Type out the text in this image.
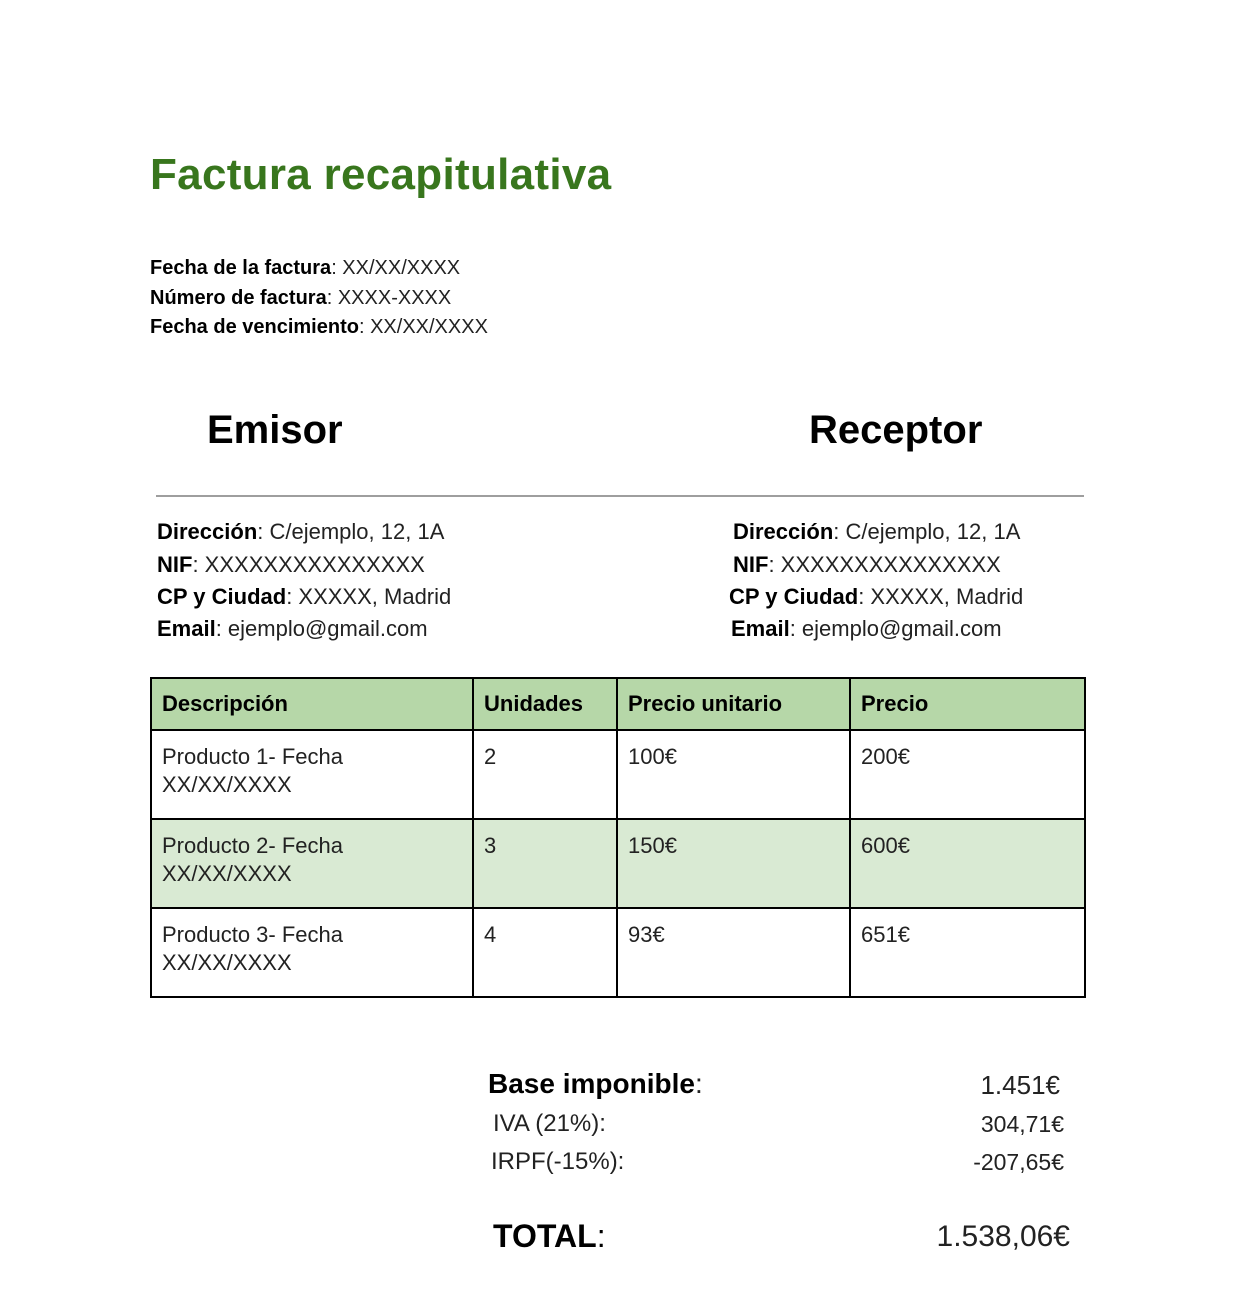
Factura recapitulativa
Fecha de la factura: XX/XX/XXXX
Número de factura: XXXX-XXXX
Fecha de vencimiento: XX/XX/XXXX
Emisor	Receptor
Dirección: C/ejemplo, 12, 1A
NIF: XXXXXXXXXXXXXXX
CP y Ciudad: XXXXX, Madrid
Email: ejemplo@gmail.com
Dirección: C/ejemplo, 12, 1A
NIF: XXXXXXXXXXXXXXX
CP y Ciudad: XXXXX, Madrid
Email: ejemplo@gmail.com
Descripción	Unidades	Precio unitario	Precio

Producto 1- Fecha
XX/XX/XXXX	2	100€	200€

Producto 2- Fecha
XX/XX/XXXX	3	150€	600€

Producto 3- Fecha
XX/XX/XXXX	4	93€	651€
Base imponible:	1.451€
IVA (21%):	304,71€
IRPF(-15%):	-207,65€
TOTAL:	1.538,06€
